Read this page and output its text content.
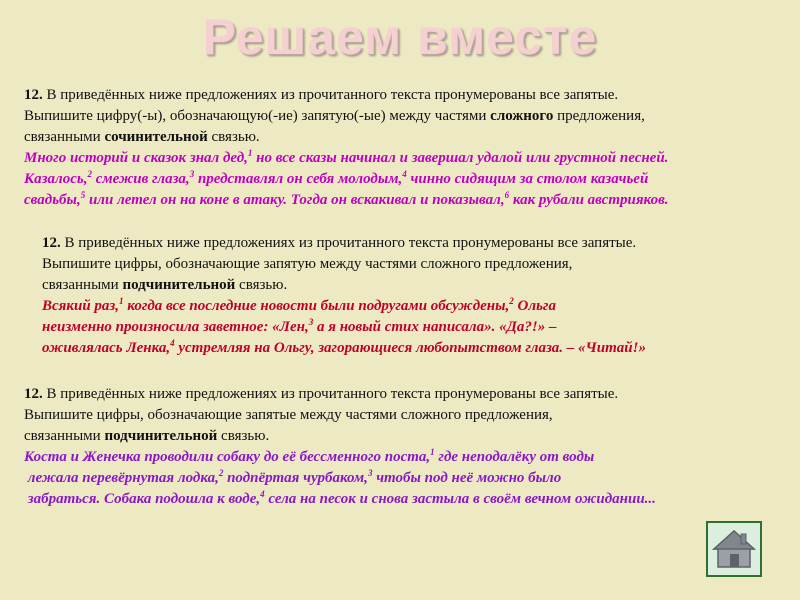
Решаем вместе
12. В приведённых ниже предложениях из прочитанного текста пронумерованы все запятые.
Выпишите цифру(-ы), обозначающую(-ие) запятую(-ые) между частями сложного предложения,
связанными сочинительной связью.
Много историй и сказок знал дед,$^1$ но все сказы начинал и завершал удалой или грустной песней.
Казалось,$^2$ смежив глаза,$^3$ представлял он себя молодым,$^4$ чинно сидящим за столом казачьей
свадьбы,$^5$ или летел он на коне в атаку. Тогда он вскакивал и показывал,$^6$ как рубали австрияков.
12. В приведённых ниже предложениях из прочитанного текста пронумерованы все запятые.
Выпишите цифры, обозначающие запятую между частями сложного предложения,
связанными подчинительной связью.
Всякий раз,$^1$ когда все последние новости были подругами обсуждены,$^2$ Ольга
неизменно произносила заветное: «Лен,$^3$ а я новый стих написала». «Да?!» –
оживлялась Ленка,$^4$ устремляя на Ольгу, загорающиеся любопытством глаза. – «Читай!»
12. В приведённых ниже предложениях из прочитанного текста пронумерованы все запятые.
Выпишите цифры, обозначающие запятые между частями сложного предложения,
связанными подчинительной связью.
Коста и Женечка проводили собаку до её бессменного поста,$^1$ где неподалёку от воды
лежала перевёрнутая лодка,$^2$ подпёртая чурбаком,$^3$ чтобы под неё можно было
забраться. Собака подошла к воде,$^4$ села на песок и снова застыла в своём вечном ожидании...
